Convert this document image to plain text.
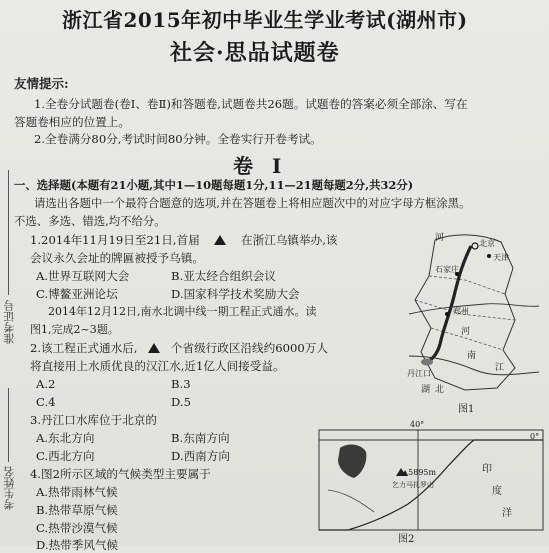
浙江省2015年初中毕业生学业考试(湖州市)
社会·思品试题卷
友情提示:
1.全卷分试题卷(卷Ⅰ、卷Ⅱ)和答题卷,试题卷共26题。试题卷的答案必须全部涂、写在
答题卷相应的位置上。
2.全卷满分80分,考试时间80分钟。全卷实行开卷考试。
卷 Ⅰ
一、选择题(本题有21小题,其中1—10题每题1分,11—21题每题2分,共32分)
请选出各题中一个最符合题意的选项,并在答题卷上将相应题次中的对应字母方框涂黑。
不选、多选、错选,均不给分。
1.2014年11月19日至21日,首届	在浙江乌镇举办,该
会议永久会址的牌匾被授予乌镇。
A.世界互联网大会	B.亚太经合组织会议
C.博鳌亚洲论坛	D.国家科学技术奖励大会
2014年12月12日,南水北调中线一期工程正式通水。读
图1,完成2~3题。
2.该工程正式通水后,	个省级行政区沿线约6000万人
将直接用上水质优良的汉江水,近1亿人间接受益。
A.2	B.3
C.4	D.5
3.丹江口水库位于北京的
A.东北方向	B.东南方向
C.西北方向	D.西南方向
4.图2所示区域的气候类型主要属于
A.热带雨林气候
B.热带草原气候
C.热带沙漠气候
D.热带季风气候
准考证号
考生姓名
河
北京
天津
石家庄
郑州
丹江口
湖 北
河
南
江
图1
40°
0°
▲5895m
乞力马扎罗山
印
度
洋
图2
